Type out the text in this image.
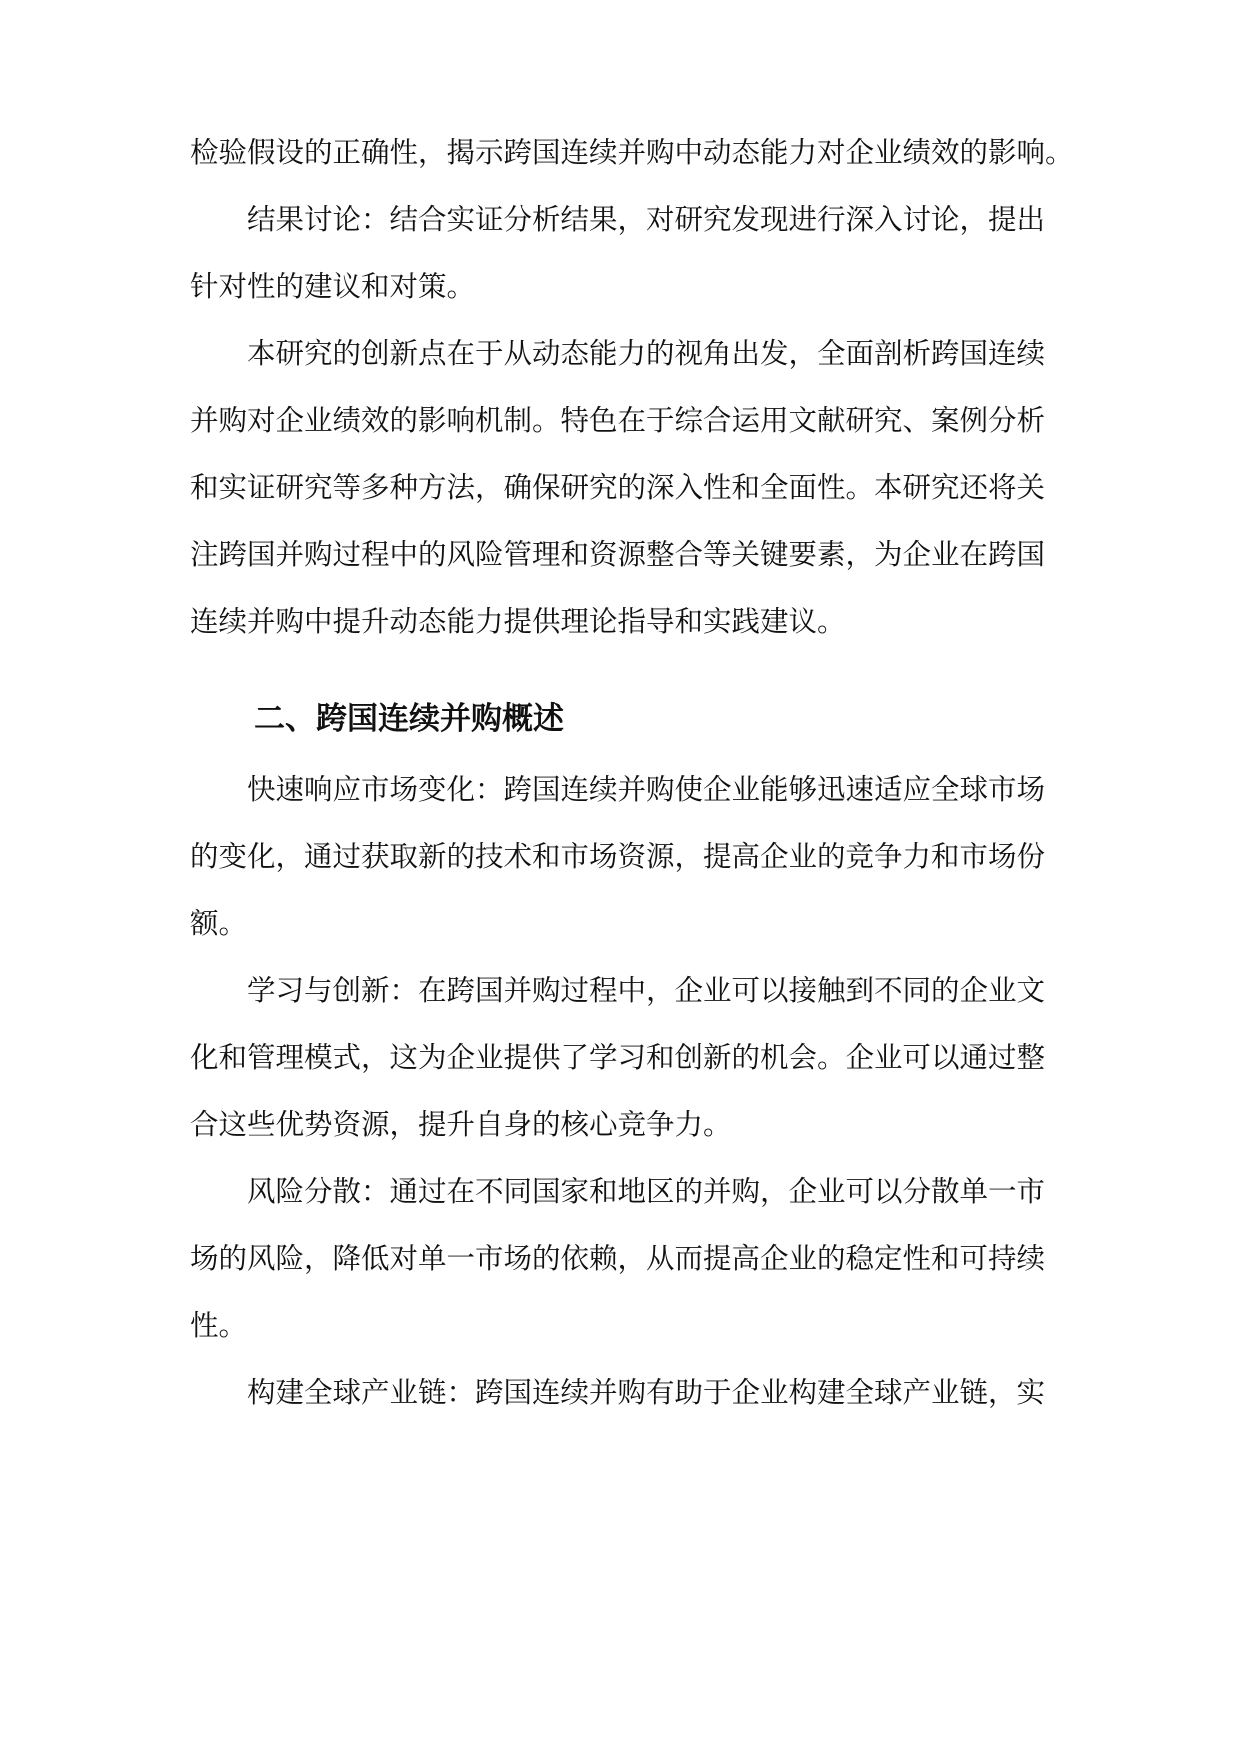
检验假设的正确性，揭示跨国连续并购中动态能力对企业绩效的影响。
结果讨论：结合实证分析结果，对研究发现进行深入讨论，提出
针对性的建议和对策。
本研究的创新点在于从动态能力的视角出发，全面剖析跨国连续
并购对企业绩效的影响机制。特色在于综合运用文献研究、案例分析
和实证研究等多种方法，确保研究的深入性和全面性。本研究还将关
注跨国并购过程中的风险管理和资源整合等关键要素，为企业在跨国
连续并购中提升动态能力提供理论指导和实践建议。
二、跨国连续并购概述
快速响应市场变化：跨国连续并购使企业能够迅速适应全球市场
的变化，通过获取新的技术和市场资源，提高企业的竞争力和市场份
额。
学习与创新：在跨国并购过程中，企业可以接触到不同的企业文
化和管理模式，这为企业提供了学习和创新的机会。企业可以通过整
合这些优势资源，提升自身的核心竞争力。
风险分散：通过在不同国家和地区的并购，企业可以分散单一市
场的风险，降低对单一市场的依赖，从而提高企业的稳定性和可持续
性。
构建全球产业链：跨国连续并购有助于企业构建全球产业链，实
